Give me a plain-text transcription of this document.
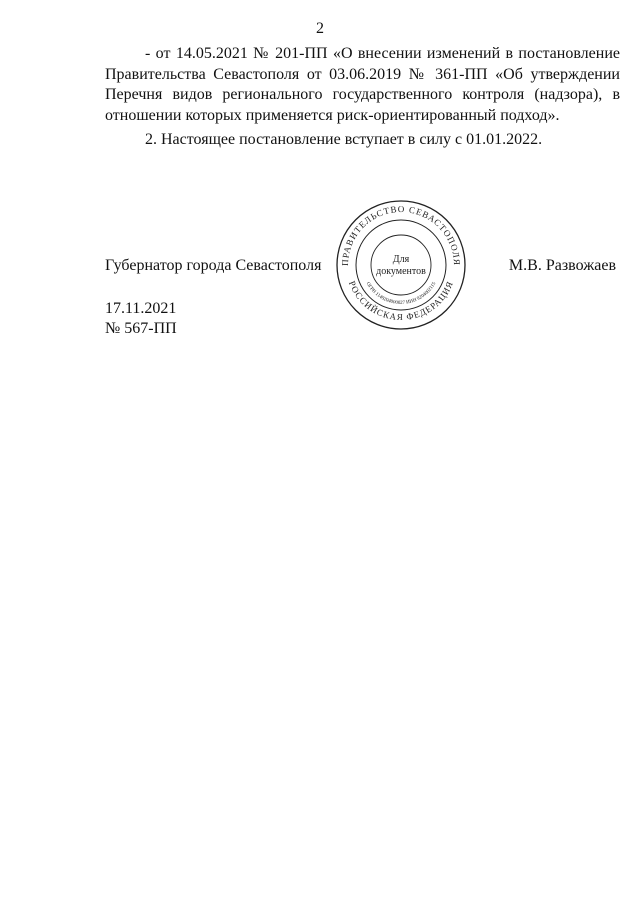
2

- от 14.05.2021 № 201-ПП «О внесении изменений в постановление Правительства Севастополя от 03.06.2019 № 361-ПП «Об утверждении Перечня видов регионального государственного контроля (надзора), в отношении которых применяется риск-ориентированный подход».

2. Настоящее постановление вступает в силу с 01.01.2022.

ПРАВИТЕЛЬСТВО СЕВАСТОПОЛЯ
РОССИЙСКАЯ ФЕДЕРАЦИЯ
ОГРН 1149204000027 ИНН 9204002115
Для
документов
Губернатор города Севастополя	М.В. Развожаев
17.11.2021
№ 567-ПП
